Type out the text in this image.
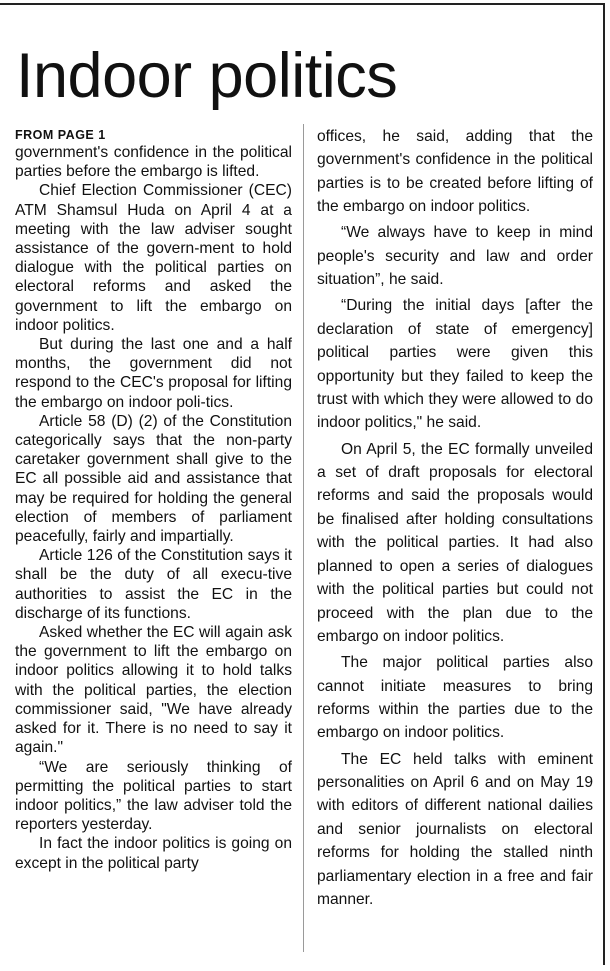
Indoor politics
FROM PAGE 1

government's confidence in the political parties before the embargo is lifted.

Chief Election Commissioner (CEC) ATM Shamsul Huda on April 4 at a meeting with the law adviser sought assistance of the govern-ment to hold dialogue with the political parties on electoral reforms and asked the government to lift the embargo on indoor politics.

But during the last one and a half months, the government did not respond to the CEC's proposal for lifting the embargo on indoor poli-tics.

Article 58 (D) (2) of the Constitution categorically says that the non-party caretaker government shall give to the EC all possible aid and assistance that may be required for holding the general election of members of parliament peacefully, fairly and impartially.

Article 126 of the Constitution says it shall be the duty of all execu-tive authorities to assist the EC in the discharge of its functions.

Asked whether the EC will again ask the government to lift the embargo on indoor politics allowing it to hold talks with the political parties, the election commissioner said, "We have already asked for it. There is no need to say it again."

“We are seriously thinking of permitting the political parties to start indoor politics,” the law adviser told the reporters yesterday.

In fact the indoor politics is going on except in the political party

offices, he said, adding that the government's confidence in the political parties is to be created before lifting of the embargo on indoor politics.

“We always have to keep in mind people's security and law and order situation”, he said.

“During the initial days [after the declaration of state of emergency] political parties were given this opportunity but they failed to keep the trust with which they were allowed to do indoor politics," he said.

On April 5, the EC formally unveiled a set of draft proposals for electoral reforms and said the proposals would be finalised after holding consultations with the political parties. It had also planned to open a series of dialogues with the political parties but could not proceed with the plan due to the embargo on indoor politics.

The major political parties also cannot initiate measures to bring reforms within the parties due to the embargo on indoor politics.

The EC held talks with eminent personalities on April 6 and on May 19 with editors of different national dailies and senior journalists on electoral reforms for holding the stalled ninth parliamentary election in a free and fair manner.
